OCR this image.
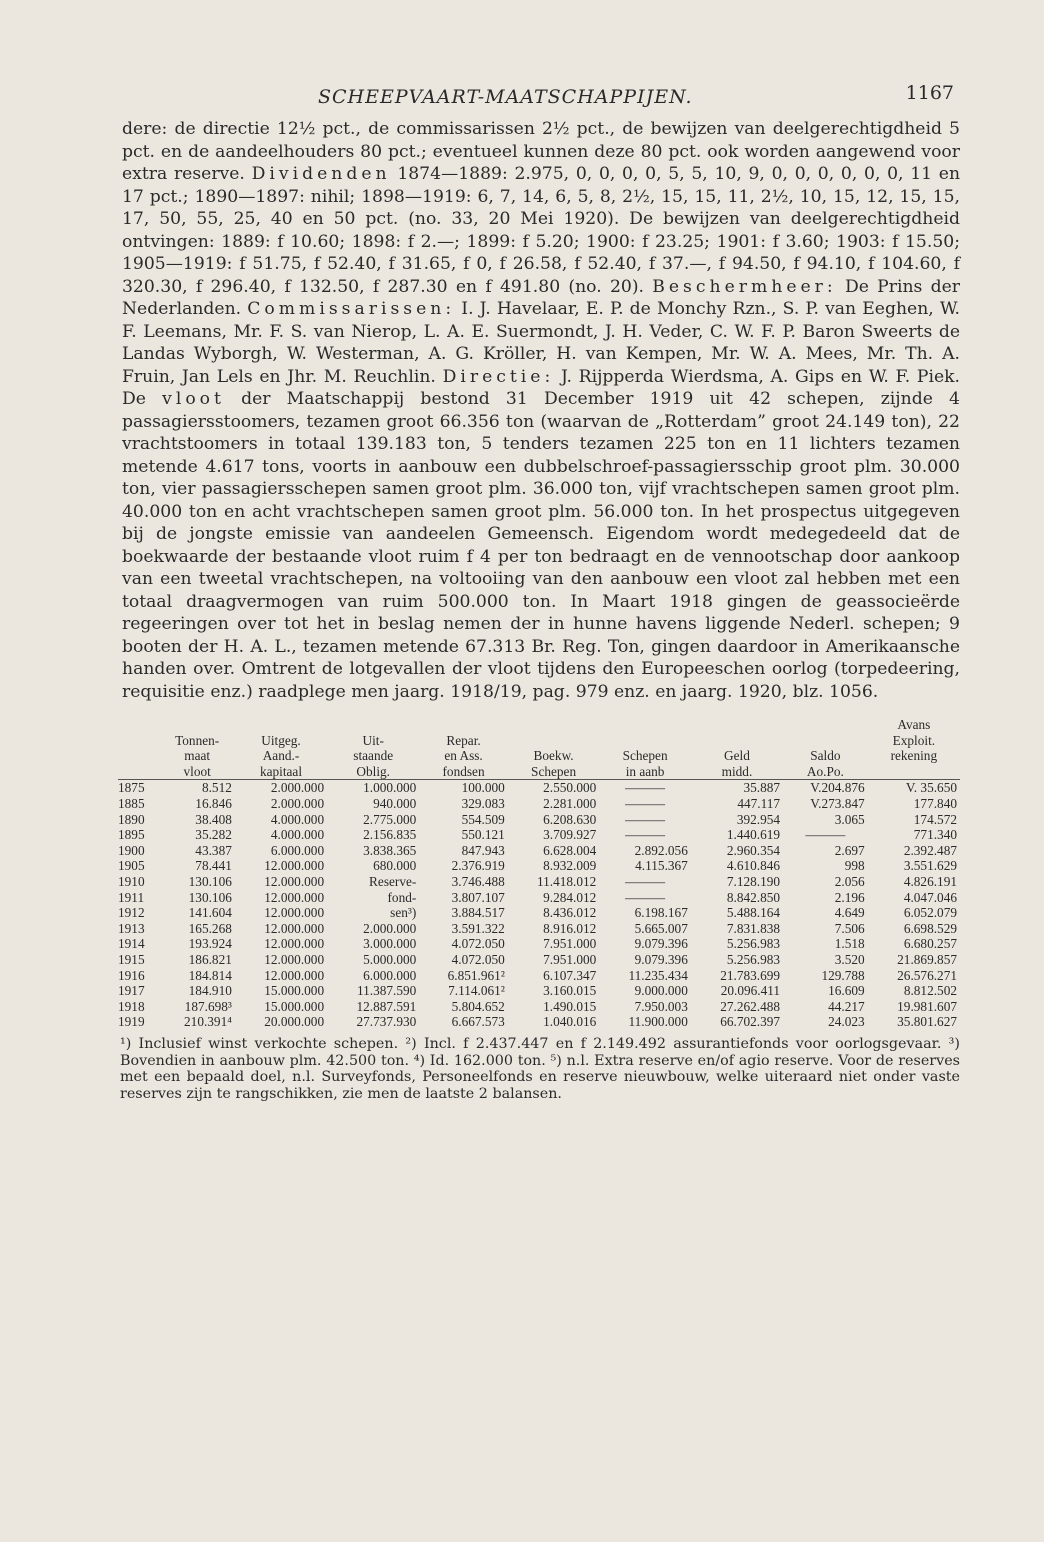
SCHEEPVAART-MAATSCHAPPIJEN.	1167

dere: de directie 12½ pct., de commissarissen 2½ pct., de bewijzen van deelgerechtigdheid 5 pct. en de aandeelhouders 80 pct.; eventueel kunnen deze 80 pct. ook worden aangewend voor extra reserve. Dividenden 1874—1889: 2.975, 0, 0, 0, 0, 5, 5, 10, 9, 0, 0, 0, 0, 0, 0, 11 en 17 pct.; 1890—1897: nihil; 1898—1919: 6, 7, 14, 6, 5, 8, 2½, 15, 15, 11, 2½, 10, 15, 12, 15, 15, 17, 50, 55, 25, 40 en 50 pct. (no. 33, 20 Mei 1920). De bewijzen van deelgerechtigdheid ontvingen: 1889: f 10.60; 1898: f 2.—; 1899: f 5.20; 1900: f 23.25; 1901: f 3.60; 1903: f 15.50; 1905—1919: f 51.75, f 52.40, f 31.65, f 0, f 26.58, f 52.40, f 37.—, f 94.50, f 94.10, f 104.60, f 320.30, f 296.40, f 132.50, f 287.30 en f 491.80 (no. 20). Beschermheer: De Prins der Nederlanden. Commissarissen: I. J. Havelaar, E. P. de Monchy Rzn., S. P. van Eeghen, W. F. Leemans, Mr. F. S. van Nierop, L. A. E. Suermondt, J. H. Veder, C. W. F. P. Baron Sweerts de Landas Wyborgh, W. Westerman, A. G. Kröller, H. van Kempen, Mr. W. A. Mees, Mr. Th. A. Fruin, Jan Lels en Jhr. M. Reuchlin. Directie: J. Rijpperda Wierdsma, A. Gips en W. F. Piek. De vloot der Maatschappij bestond 31 December 1919 uit 42 schepen, zijnde 4 passagiersstoomers, tezamen groot 66.356 ton (waarvan de „Rotterdam” groot 24.149 ton), 22 vrachtstoomers in totaal 139.183 ton, 5 tenders tezamen 225 ton en 11 lichters tezamen metende 4.617 tons, voorts in aanbouw een dubbelschroef-passagiersschip groot plm. 30.000 ton, vier passagiersschepen samen groot plm. 36.000 ton, vijf vrachtschepen samen groot plm. 40.000 ton en acht vrachtschepen samen groot plm. 56.000 ton. In het prospectus uitgegeven bij de jongste emissie van aandeelen Gemeensch. Eigendom wordt medegedeeld dat de boekwaarde der bestaande vloot ruim f 4 per ton bedraagt en de vennootschap door aankoop van een tweetal vrachtschepen, na voltooiing van den aanbouw een vloot zal hebben met een totaal draagvermogen van ruim 500.000 ton. In Maart 1918 gingen de geassocieërde regeeringen over tot het in beslag nemen der in hunne havens liggende Nederl. schepen; 9 booten der H. A. L., tezamen metende 67.313 Br. Reg. Ton, gingen daardoor in Amerikaansche handen over. Omtrent de lotgevallen der vloot tijdens den Europeeschen oorlog (torpedeering, requisitie enz.) raadplege men jaarg. 1918/19, pag. 979 enz. en jaarg. 1920, blz. 1056.

									Avans
	Tonnen-	Uitgeg.	Uit-	Repar.					Exploit.
	maat	Aand.-	staande	en Ass.	Boekw.	Schepen	Geld	Saldo	rekening
	vloot	kapitaal	Oblig.	fondsen	Schepen	in aanb	midd.	Ao.Po.	
1875	8.512	2.000.000	1.000.000	100.000	2.550.000	———	35.887	V.204.876	V. 35.650
1885	16.846	2.000.000	940.000	329.083	2.281.000	———	447.117	V.273.847	177.840
1890	38.408	4.000.000	2.775.000	554.509	6.208.630	———	392.954	3.065	174.572
1895	35.282	4.000.000	2.156.835	550.121	3.709.927	———	1.440.619	———	771.340
1900	43.387	6.000.000	3.838.365	847.943	6.628.004	2.892.056	2.960.354	2.697	2.392.487
1905	78.441	12.000.000	680.000	2.376.919	8.932.009	4.115.367	4.610.846	998	3.551.629
1910	130.106	12.000.000	Reserve-	3.746.488	11.418.012	———	7.128.190	2.056	4.826.191
1911	130.106	12.000.000	fond-	3.807.107	9.284.012	———	8.842.850	2.196	4.047.046
1912	141.604	12.000.000	sen³)	3.884.517	8.436.012	6.198.167	5.488.164	4.649	6.052.079
1913	165.268	12.000.000	2.000.000	3.591.322	8.916.012	5.665.007	7.831.838	7.506	6.698.529
1914	193.924	12.000.000	3.000.000	4.072.050	7.951.000	9.079.396	5.256.983	1.518	6.680.257
1915	186.821	12.000.000	5.000.000	4.072.050	7.951.000	9.079.396	5.256.983	3.520	21.869.857
1916	184.814	12.000.000	6.000.000	6.851.961²	6.107.347	11.235.434	21.783.699	129.788	26.576.271
1917	184.910	15.000.000	11.387.590	7.114.061²	3.160.015	9.000.000	20.096.411	16.609	8.812.502
1918	187.698³	15.000.000	12.887.591	5.804.652	1.490.015	7.950.003	27.262.488	44.217	19.981.607
1919	210.391⁴	20.000.000	27.737.930	6.667.573	1.040.016	11.900.000	66.702.397	24.023	35.801.627

¹) Inclusief winst verkochte schepen. ²) Incl. f 2.437.447 en f 2.149.492 assurantiefonds voor oorlogsgevaar. ³) Bovendien in aanbouw plm. 42.500 ton. ⁴) Id. 162.000 ton. ⁵) n.l. Extra reserve en/of agio reserve. Voor de reserves met een bepaald doel, n.l. Surveyfonds, Personeelfonds en reserve nieuwbouw, welke uiteraard niet onder vaste reserves zijn te rangschikken, zie men de laatste 2 balansen.
